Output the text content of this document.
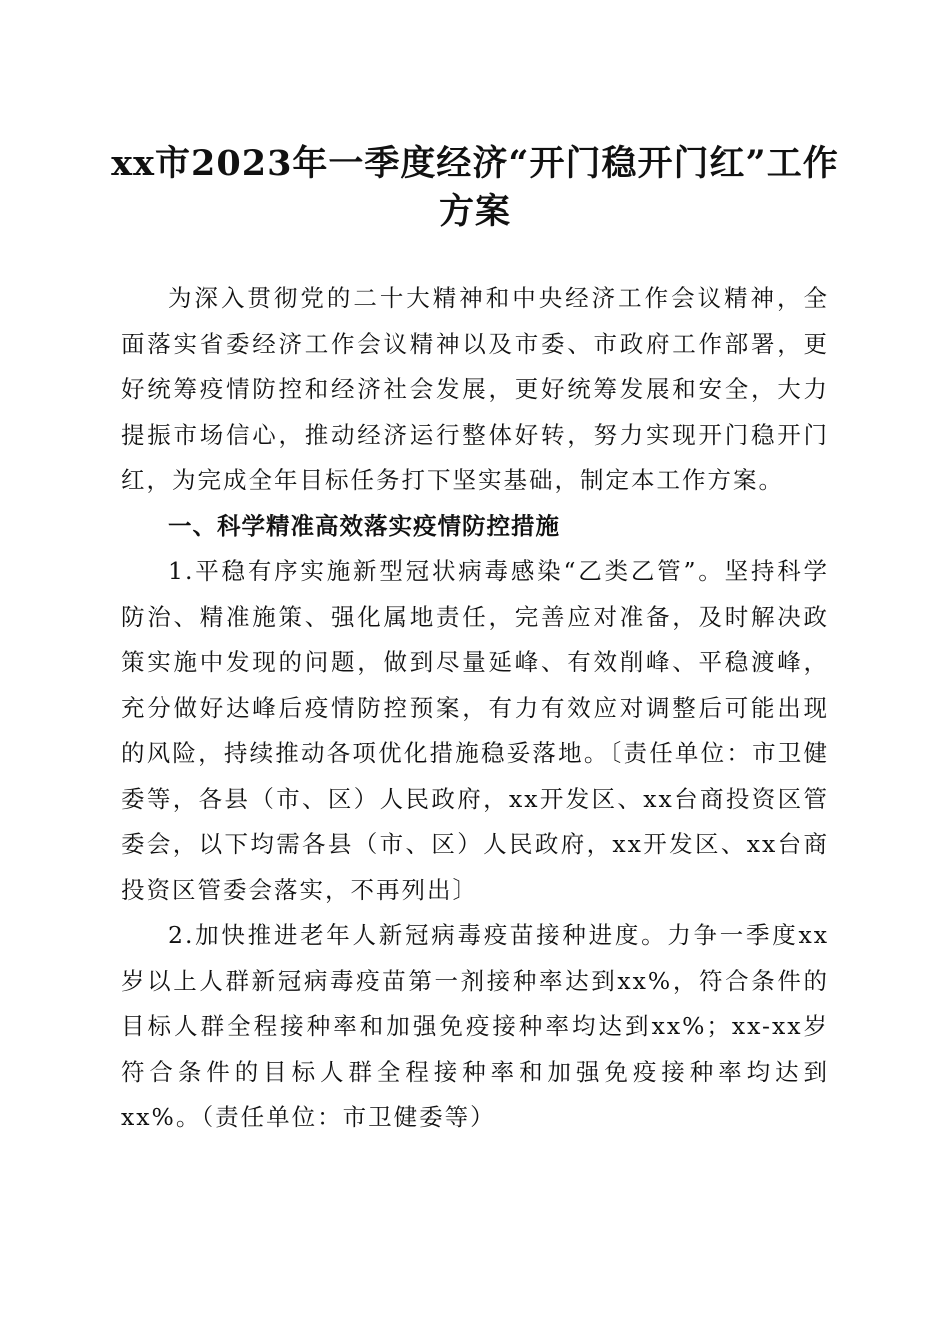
xx市2023年一季度经济“开门稳开门红”工作方案

为深入贯彻党的二十大精神和中央经济工作会议精神，全面落实省委经济工作会议精神以及市委、市政府工作部署，更好统筹疫情防控和经济社会发展，更好统筹发展和安全，大力提振市场信心，推动经济运行整体好转，努力实现开门稳开门红，为完成全年目标任务打下坚实基础，制定本工作方案。

一、科学精准高效落实疫情防控措施

1.平稳有序实施新型冠状病毒感染“乙类乙管”。坚持科学防治、精准施策、强化属地责任，完善应对准备，及时解决政策实施中发现的问题，做到尽量延峰、有效削峰、平稳渡峰，充分做好达峰后疫情防控预案，有力有效应对调整后可能出现的风险，持续推动各项优化措施稳妥落地。〔责任单位：市卫健委等，各县（市、区）人民政府，xx开发区、xx台商投资区管委会，以下均需各县（市、区）人民政府，xx开发区、xx台商投资区管委会落实，不再列出〕

2.加快推进老年人新冠病毒疫苗接种进度。力争一季度xx岁以上人群新冠病毒疫苗第一剂接种率达到xx%，符合条件的目标人群全程接种率和加强免疫接种率均达到xx%；xx-xx岁符合条件的目标人群全程接种率和加强免疫接种率均达到xx%。（责任单位：市卫健委等）
